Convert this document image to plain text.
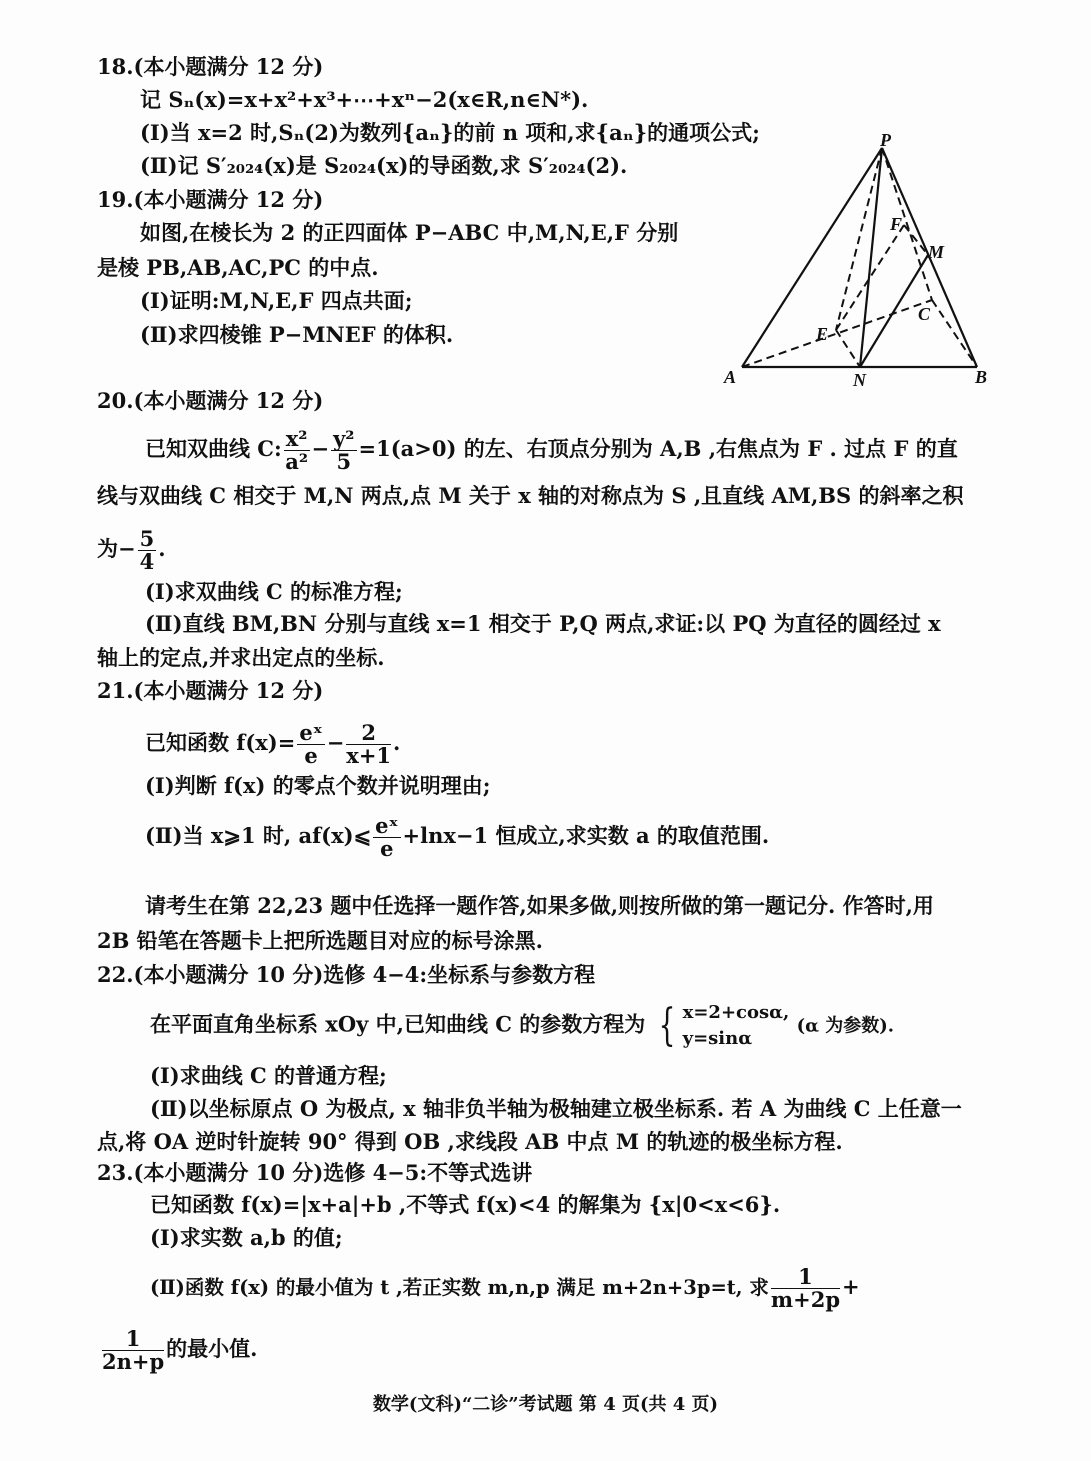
18.(本小题满分 12 分)
记 Sₙ(x)=x+x²+x³+⋯+xⁿ−2(x∈R,n∈N*).
(Ⅰ)当 x=2 时,Sₙ(2)为数列{aₙ}的前 n 项和,求{aₙ}的通项公式;
(Ⅱ)记 S′₂₀₂₄(x)是 S₂₀₂₄(x)的导函数,求 S′₂₀₂₄(2).
19.(本小题满分 12 分)
如图,在棱长为 2 的正四面体 P−ABC 中,M,N,E,F 分别
是棱 PB,AB,AC,PC 的中点.
(Ⅰ)证明:M,N,E,F 四点共面;
(Ⅱ)求四棱锥 P−MNEF 的体积.
P
A	B
N
M
F
C
E
20.(本小题满分 12 分)
已知双曲线 C: $\frac{\text{x²}}{\text{a²}} - \frac{\text{y²}}{5} =1(a>0)$ 的左、右顶点分别为 A,B ,右焦点为 F . 过点 F 的直
线与双曲线 C 相交于 M,N 两点,点 M 关于 x 轴的对称点为 S ,且直线 AM,BS 的斜率之积
为− $\frac{5}{4}$ .
(Ⅰ)求双曲线 C 的标准方程;
(Ⅱ)直线 BM,BN 分别与直线 x=1 相交于 P,Q 两点,求证:以 PQ 为直径的圆经过 x
轴上的定点,并求出定点的坐标.
21.(本小题满分 12 分)
已知函数 $f(x)= \frac{\text{eˣ}}{e} - \frac{2}{x+1}$ .
(Ⅰ)判断 f(x) 的零点个数并说明理由;
(Ⅱ)当 x⩾1 时, af(x)⩽ $\frac{\text{eˣ}}{e} +\ln x-1$ 恒成立,求实数 a 的取值范围.
请考生在第 22,23 题中任选择一题作答,如果多做,则按所做的第一题记分. 作答时,用
2B 铅笔在答题卡上把所选题目对应的标号涂黑.
22.(本小题满分 10 分)选修 4−4:坐标系与参数方程
在平面直角坐标系 xOy 中,已知曲线 C 的参数方程为 { x=2+cosα,
y=sinα
(α 为参数).
(Ⅰ)求曲线 C 的普通方程;
(Ⅱ)以坐标原点 O 为极点, x 轴非负半轴为极轴建立极坐标系. 若 A 为曲线 C 上任意一
点,将 OA 逆时针旋转 90° 得到 OB ,求线段 AB 中点 M 的轨迹的极坐标方程.
23.(本小题满分 10 分)选修 4−5:不等式选讲
已知函数 f(x)=|x+a|+b ,不等式 f(x)<4 的解集为 {x|0<x<6}.
(Ⅰ)求实数 a,b 的值;
(Ⅱ)函数 f(x) 的最小值为 t ,若正实数 m,n,p 满足 m+2n+3p=t, 求 $\frac{1}{m+2p}$ +
$\frac{1}{2n+p}$ 的最小值.
数学(文科)“二诊”考试题 第 4 页(共 4 页)
